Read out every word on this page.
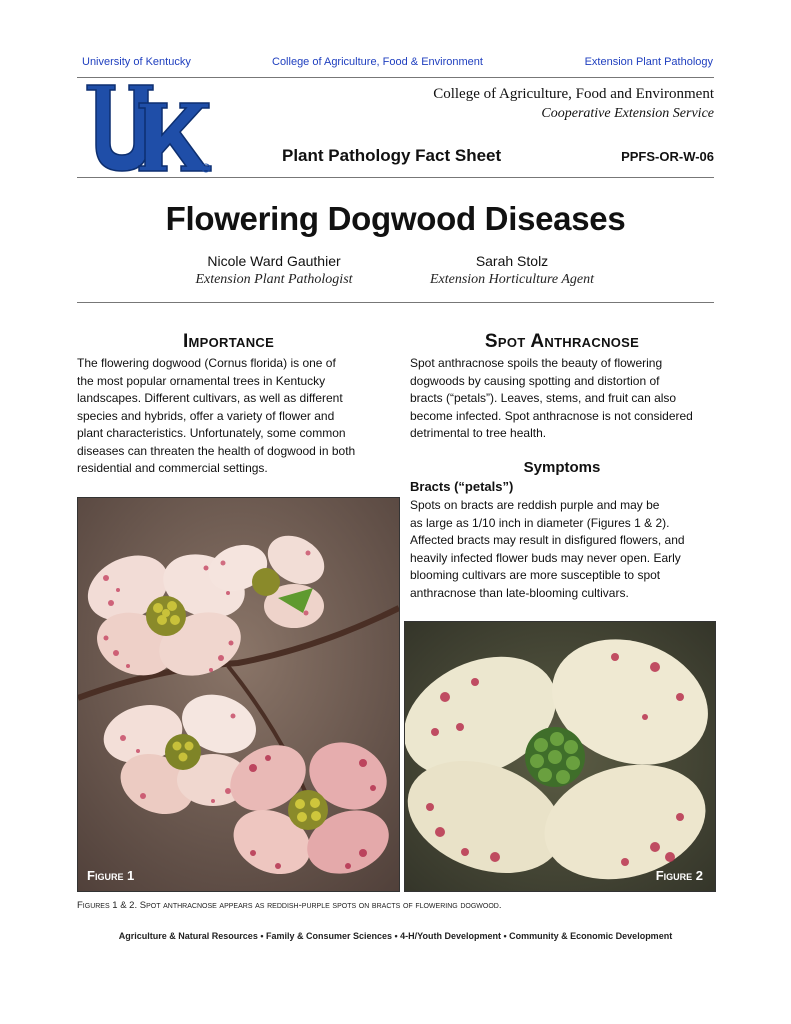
University of Kentucky	College of Agriculture, Food & Environment	Extension Plant Pathology
R
College of Agriculture, Food and Environment
Cooperative Extension Service
Plant Pathology Fact Sheet	PPFS-OR-W-06
Flowering Dogwood Diseases
Nicole Ward Gauthier
Extension Plant Pathologist
Sarah Stolz
Extension Horticulture Agent
Importance
The flowering dogwood (Cornus florida) is one of
the most popular ornamental trees in Kentucky
landscapes. Different cultivars, as well as different
species and hybrids, offer a variety of flower and
plant characteristics. Unfortunately, some common
diseases can threaten the health of dogwood in both
residential and commercial settings.
Spot Anthracnose
Spot anthracnose spoils the beauty of flowering
dogwoods by causing spotting and distortion of
bracts (“petals”). Leaves, stems, and fruit can also
become infected. Spot anthracnose is not considered
detrimental to tree health.
Symptoms
Bracts (“petals”)
Spots on bracts are reddish purple and may be
as large as 1/10 inch in diameter (Figures 1 & 2).
Affected bracts may result in disfigured flowers, and
heavily infected flower buds may never open. Early
blooming cultivars are more susceptible to spot
anthracnose than late-blooming cultivars.
Figure 1	Figure 2
Figures 1 & 2. Spot anthracnose appears as reddish-purple spots on bracts of flowering dogwood.
Agriculture & Natural Resources • Family & Consumer Sciences • 4-H/Youth Development • Community & Economic Development
